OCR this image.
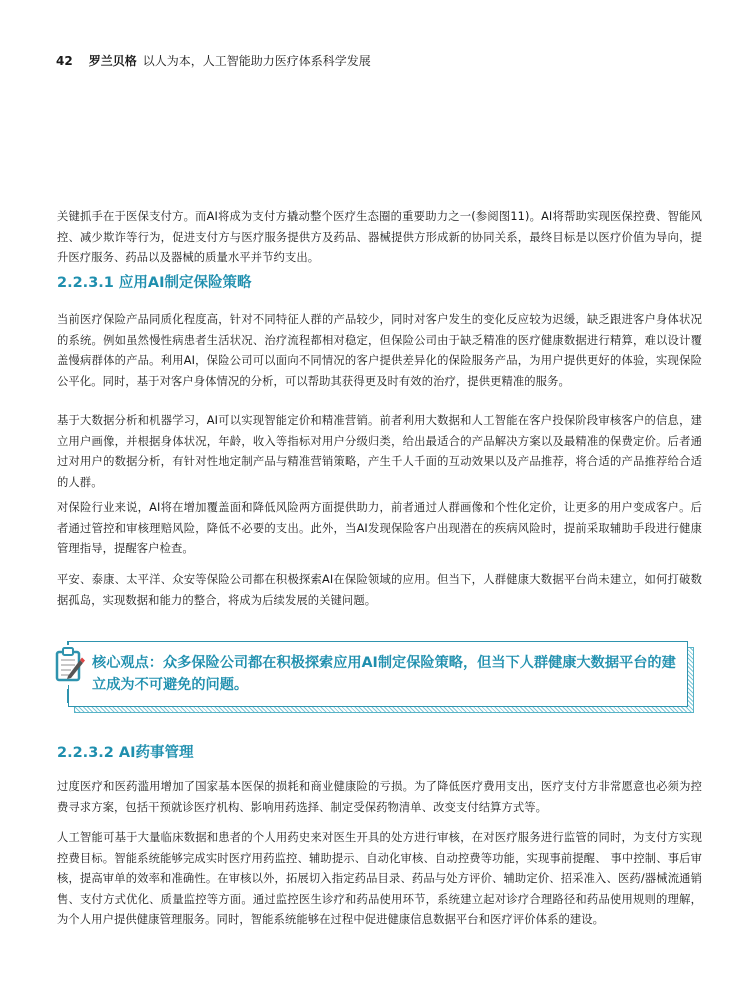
42 罗兰贝格 以人为本，人工智能助力医疗体系科学发展

关键抓手在于医保支付方。而AI将成为支付方撬动整个医疗生态圈的重要助力之一(参阅图11)。AI将帮助实现医保控费、智能风控、减少欺诈等行为，促进支付方与医疗服务提供方及药品、器械提供方形成新的协同关系，最终目标是以医疗价值为导向，提升医疗服务、药品以及器械的质量水平并节约支出。

2.2.3.1 应用AI制定保险策略

当前医疗保险产品同质化程度高，针对不同特征人群的产品较少，同时对客户发生的变化反应较为迟缓，缺乏跟进客户身体状况的系统。例如虽然慢性病患者生活状况、治疗流程都相对稳定，但保险公司由于缺乏精准的医疗健康数据进行精算，难以设计覆盖慢病群体的产品。利用AI，保险公司可以面向不同情况的客户提供差异化的保险服务产品，为用户提供更好的体验，实现保险公平化。同时，基于对客户身体情况的分析，可以帮助其获得更及时有效的治疗，提供更精准的服务。

基于大数据分析和机器学习，AI可以实现智能定价和精准营销。前者利用大数据和人工智能在客户投保阶段审核客户的信息，建立用户画像，并根据身体状况，年龄，收入等指标对用户分级归类，给出最适合的产品解决方案以及最精准的保费定价。后者通过对用户的数据分析，有针对性地定制产品与精准营销策略，产生千人千面的互动效果以及产品推荐，将合适的产品推荐给合适的人群。

对保险行业来说，AI将在增加覆盖面和降低风险两方面提供助力，前者通过人群画像和个性化定价，让更多的用户变成客户。后者通过管控和审核理赔风险，降低不必要的支出。此外，当AI发现保险客户出现潜在的疾病风险时，提前采取辅助手段进行健康管理指导，提醒客户检查。

平安、泰康、太平洋、众安等保险公司都在积极探索AI在保险领域的应用。但当下，人群健康大数据平台尚未建立，如何打破数据孤岛，实现数据和能力的整合，将成为后续发展的关键问题。

核心观点：众多保险公司都在积极探索应用AI制定保险策略，但当下人群健康大数据平台的建立成为不可避免的问题。

2.2.3.2 AI药事管理

过度医疗和医药滥用增加了国家基本医保的损耗和商业健康险的亏损。为了降低医疗费用支出，医疗支付方非常愿意也必须为控费寻求方案，包括干预就诊医疗机构、影响用药选择、制定受保药物清单、改变支付结算方式等。

人工智能可基于大量临床数据和患者的个人用药史来对医生开具的处方进行审核，在对医疗服务进行监管的同时，为支付方实现控费目标。智能系统能够完成实时医疗用药监控、辅助提示、自动化审核、自动控费等功能，实现事前提醒、 事中控制、事后审核，提高审单的效率和准确性。在审核以外，拓展切入指定药品目录、药品与处方评价、辅助定价、招采准入、医药/器械流通销售、支付方式优化、质量监控等方面。通过监控医生诊疗和药品使用环节，系统建立起对诊疗合理路径和药品使用规则的理解，为个人用户提供健康管理服务。同时，智能系统能够在过程中促进健康信息数据平台和医疗评价体系的建设。
